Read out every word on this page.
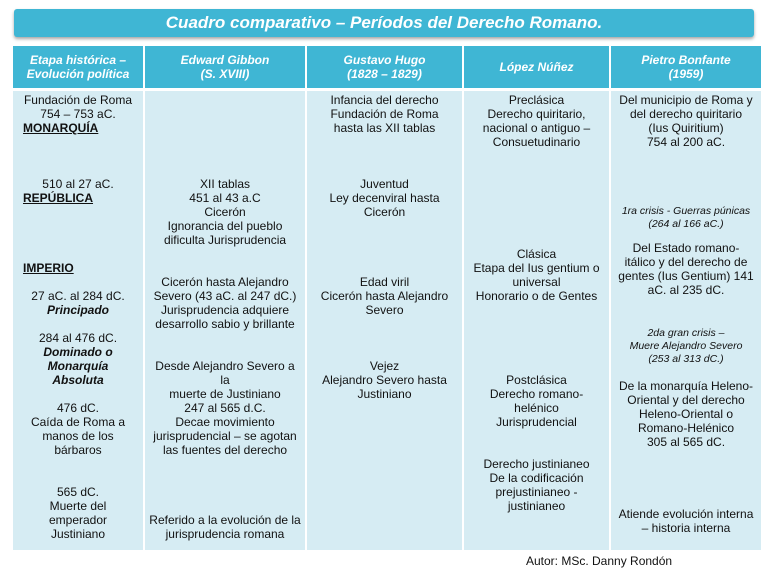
Cuadro comparativo – Períodos del Derecho Romano.
Etapa histórica –
Evolución política
Fundación de Roma
754 – 753 aC.
MONARQUÍA
510 al 27 aC.
REPÚBLICA
IMPERIO
27 aC. al 284 dC.
Principado
284 al 476 dC.
Dominado o
Monarquía
Absoluta
476 dC.
Caída de Roma a
manos de los
bárbaros
565 dC.
Muerte del
emperador
Justiniano
Edward Gibbon
(S. XVIII)
XII tablas
451 al 43 a.C
Cicerón
Ignorancia del pueblo
dificulta Jurisprudencia
Cicerón hasta Alejandro
Severo (43 aC. al 247 dC.)
Jurisprudencia adquiere
desarrollo sabio y brillante
Desde Alejandro Severo a la
muerte de Justiniano
247 al 565 d.C.
Decae movimiento
jurisprudencial – se agotan
las fuentes del derecho
Referido a la evolución de la
jurisprudencia romana
Gustavo Hugo
(1828 – 1829)
Infancia del derecho
Fundación de Roma
hasta las XII tablas
Juventud
Ley decenviral hasta
Cicerón
Edad viril
Cicerón hasta Alejandro
Severo
Vejez
Alejandro Severo hasta
Justiniano
López Núñez
Preclásica
Derecho quiritario,
nacional o antiguo –
Consuetudinario
Clásica
Etapa del Ius gentium o
universal
Honorario o de Gentes
Postclásica
Derecho romano-
helénico
Jurisprudencial
Derecho justinianeo
De la codificación
prejustinianeo -
justinianeo
Pietro Bonfante
(1959)
Del municipio de Roma y
del derecho quiritario
(Ius Quiritium)
754 al 200 aC.
1ra crisis - Guerras púnicas
(264 al 166 aC.)
Del Estado romano-
itálico y del derecho de
gentes (Ius Gentium) 141
aC. al 235 dC.
2da gran crisis –
Muere Alejandro Severo
(253 al 313 dC.)
De la monarquía Heleno-
Oriental y del derecho
Heleno-Oriental o
Romano-Helénico
305 al 565 dC.
Atiende evolución interna
– historia interna
Autor: MSc. Danny Rondón
